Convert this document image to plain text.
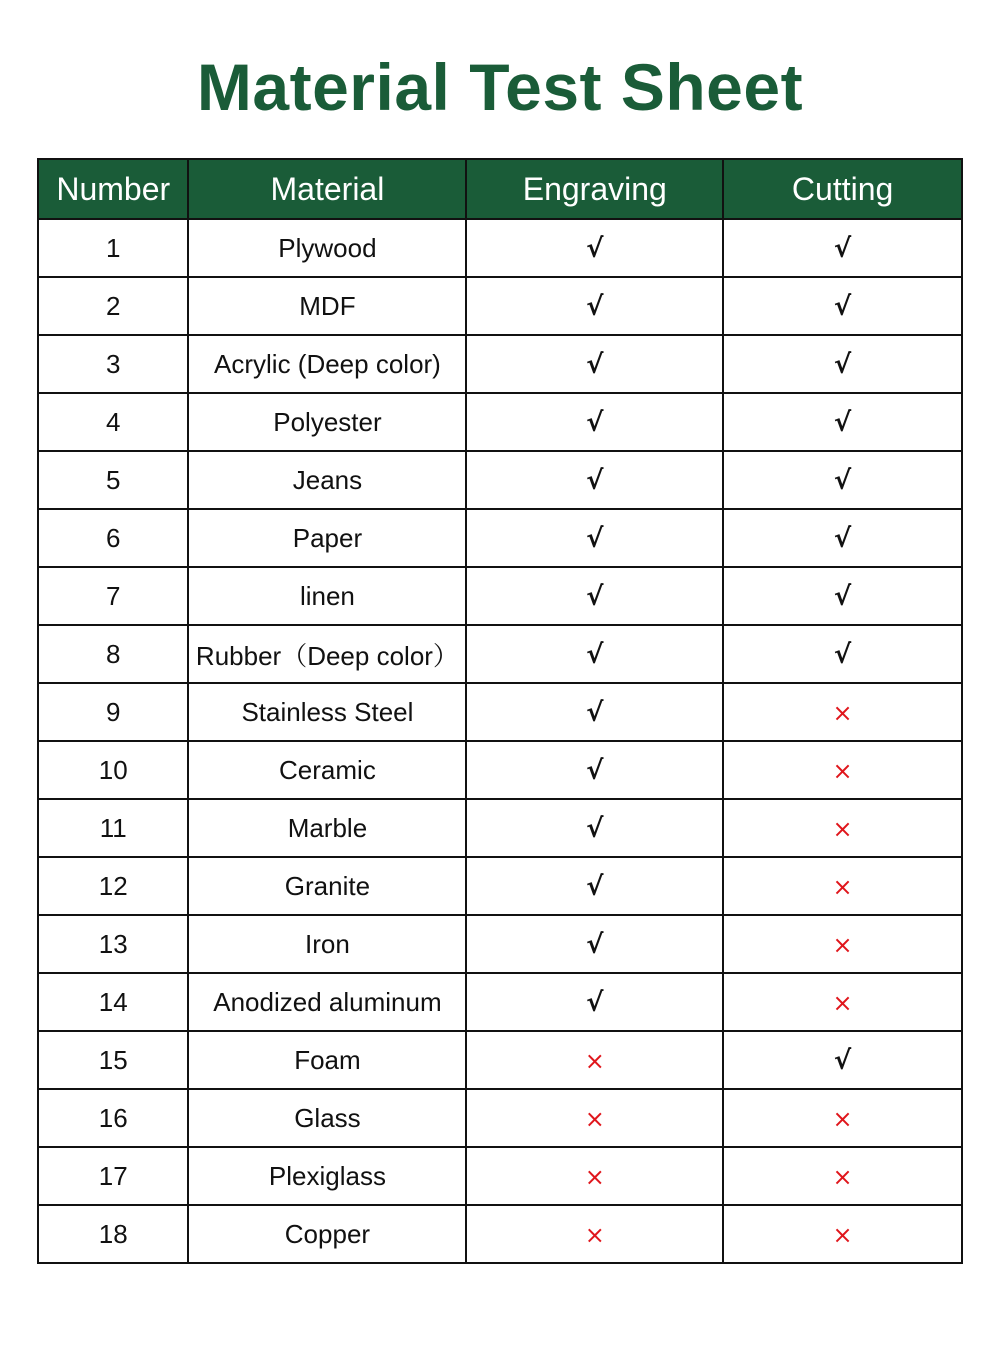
Material Test Sheet
Number	Material	Engraving	Cutting
1	Plywood	√	√
2	MDF	√	√
3	Acrylic (Deep color)	√	√
4	Polyester	√	√
5	Jeans	√	√
6	Paper	√	√
7	linen	√	√
8	Rubber（Deep color）	√	√
9	Stainless Steel	√	×
10	Ceramic	√	×
11	Marble	√	×
12	Granite	√	×
13	Iron	√	×
14	Anodized aluminum	√	×
15	Foam	×	√
16	Glass	×	×
17	Plexiglass	×	×
18	Copper	×	×
